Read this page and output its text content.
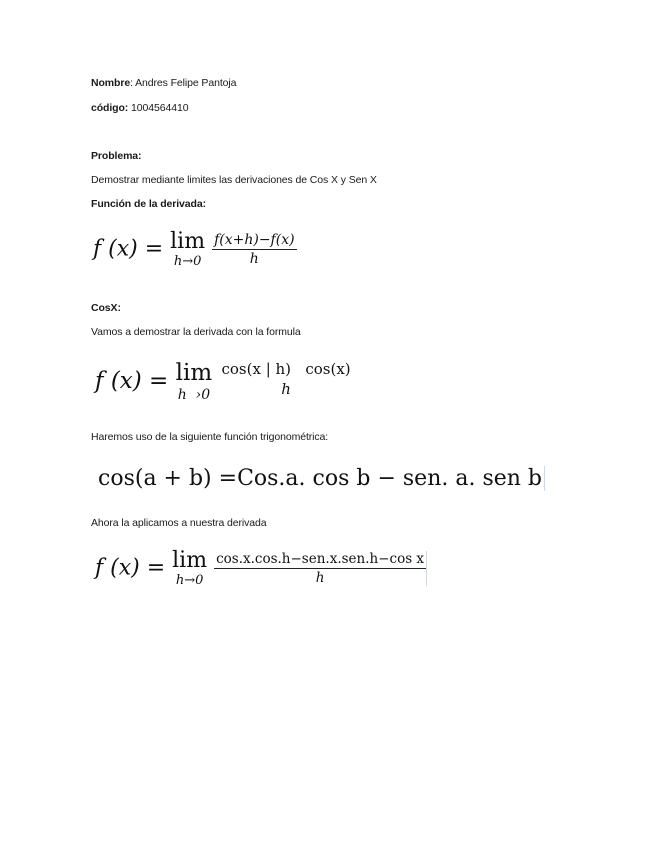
Nombre: Andres Felipe Pantoja
código: 1004564410
Problema:
Demostrar mediante limites las derivaciones de Cos X y Sen X
Función de la derivada:
f (x) = lim
h→0
$\frac{f(x+h)-f(x)}{h}$
CosX:
Vamos a demostrar la derivada con la formula
f (x) = lim
h  ›0

cos(x | h)   cos(x)
h
Haremos uso de la siguiente función trigonométrica:
cos(a + b) =Cos.a. cos b − sen. a. sen b
Ahora la aplicamos a nuestra derivada
f (x) = lim
h→0
$\frac{\text{cos.x.cos.h−sen.x.sen.h−cos x}}{h}$
